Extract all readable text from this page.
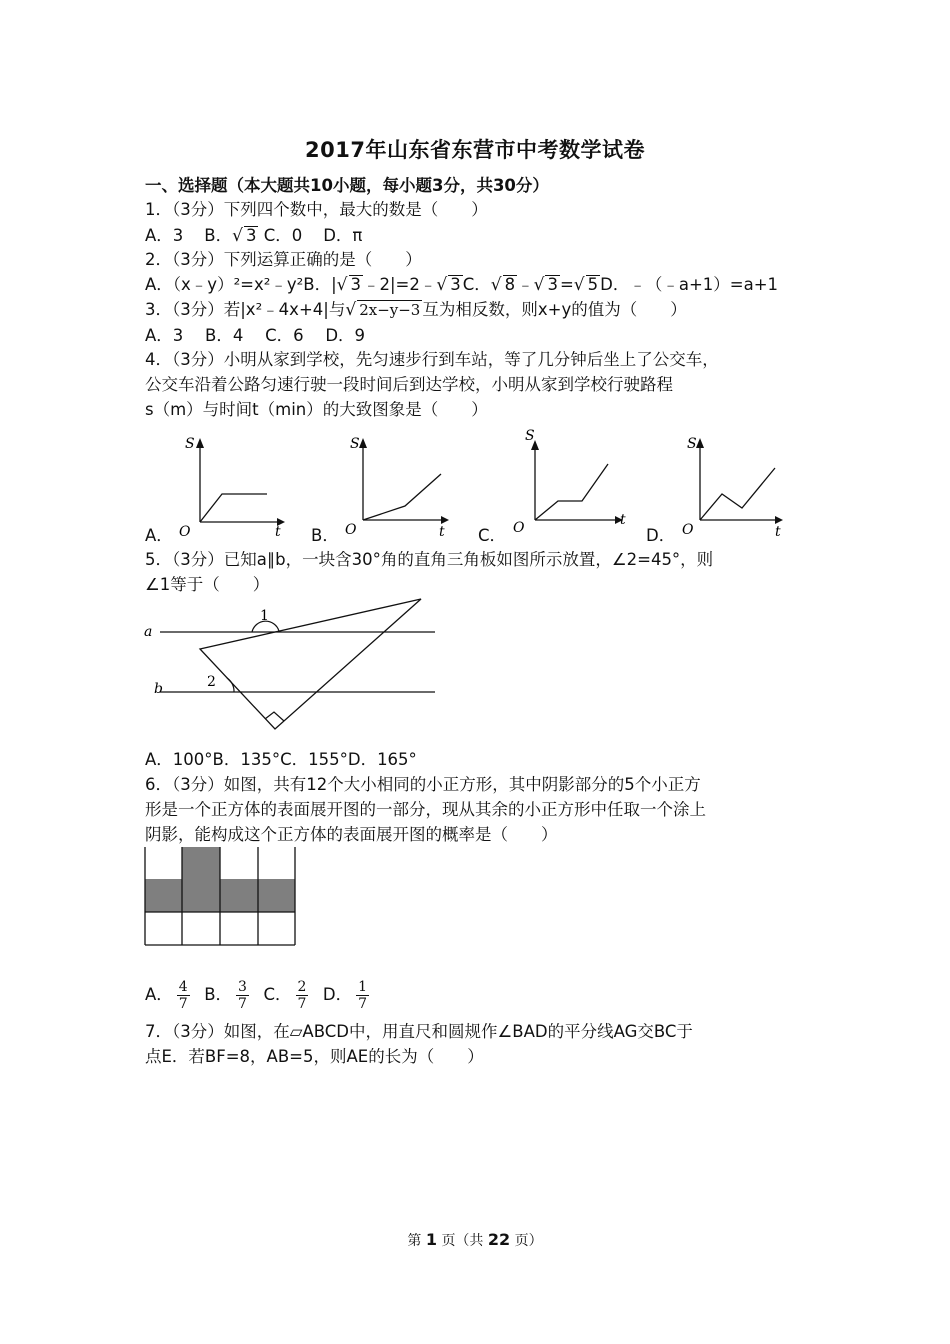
2017年山东省东营市中考数学试卷
一、选择题（本大题共10小题，每小题3分，共30分）
1．（3分）下列四个数中，最大的数是（　　）
A．3 B．√ 3 C．0 D．π
2．（3分）下列运算正确的是（　　）
A．（x﹣y）²=x²﹣y²B．|√ 3 ﹣2|=2﹣√ 3 C．√ 8 ﹣√ 3 =√ 5 D．﹣（﹣a+1）=a+1
3．（3分）若|x²﹣4x+4|与√ 2x−y−3 互为相反数，则x+y的值为（　　）
A．3　 B．4　 C．6　 D．9
4．（3分）小明从家到学校，先匀速步行到车站，等了几分钟后坐上了公交车，
公交车沿着公路匀速行驶一段时间后到达学校，小明从家到学校行驶路程
s（m）与时间t（min）的大致图象是（　　）
A．	B．	C．	D．
S
t
O
S
t
O
S
t
O
S
t
O
5．（3分）已知a∥b，一块含30°角的直角三角板如图所示放置，∠2=45°，则
∠1等于（　　）
a
b
1
2
A．100°B．135°C．155°D．165°
6．（3分）如图，共有12个大小相同的小正方形，其中阴影部分的5个小正方
形是一个正方体的表面展开图的一部分，现从其余的小正方形中任取一个涂上
阴影，能构成这个正方体的表面展开图的概率是（　　）
A． $\frac{4}{7}$ B． $\frac{3}{7}$ C． $\frac{2}{7}$ D． $\frac{1}{7}$
7．（3分）如图，在▱ABCD中，用直尺和圆规作∠BAD的平分线AG交BC于
点E．若BF=8，AB=5，则AE的长为（　　）
第 1 页（共 22 页）
